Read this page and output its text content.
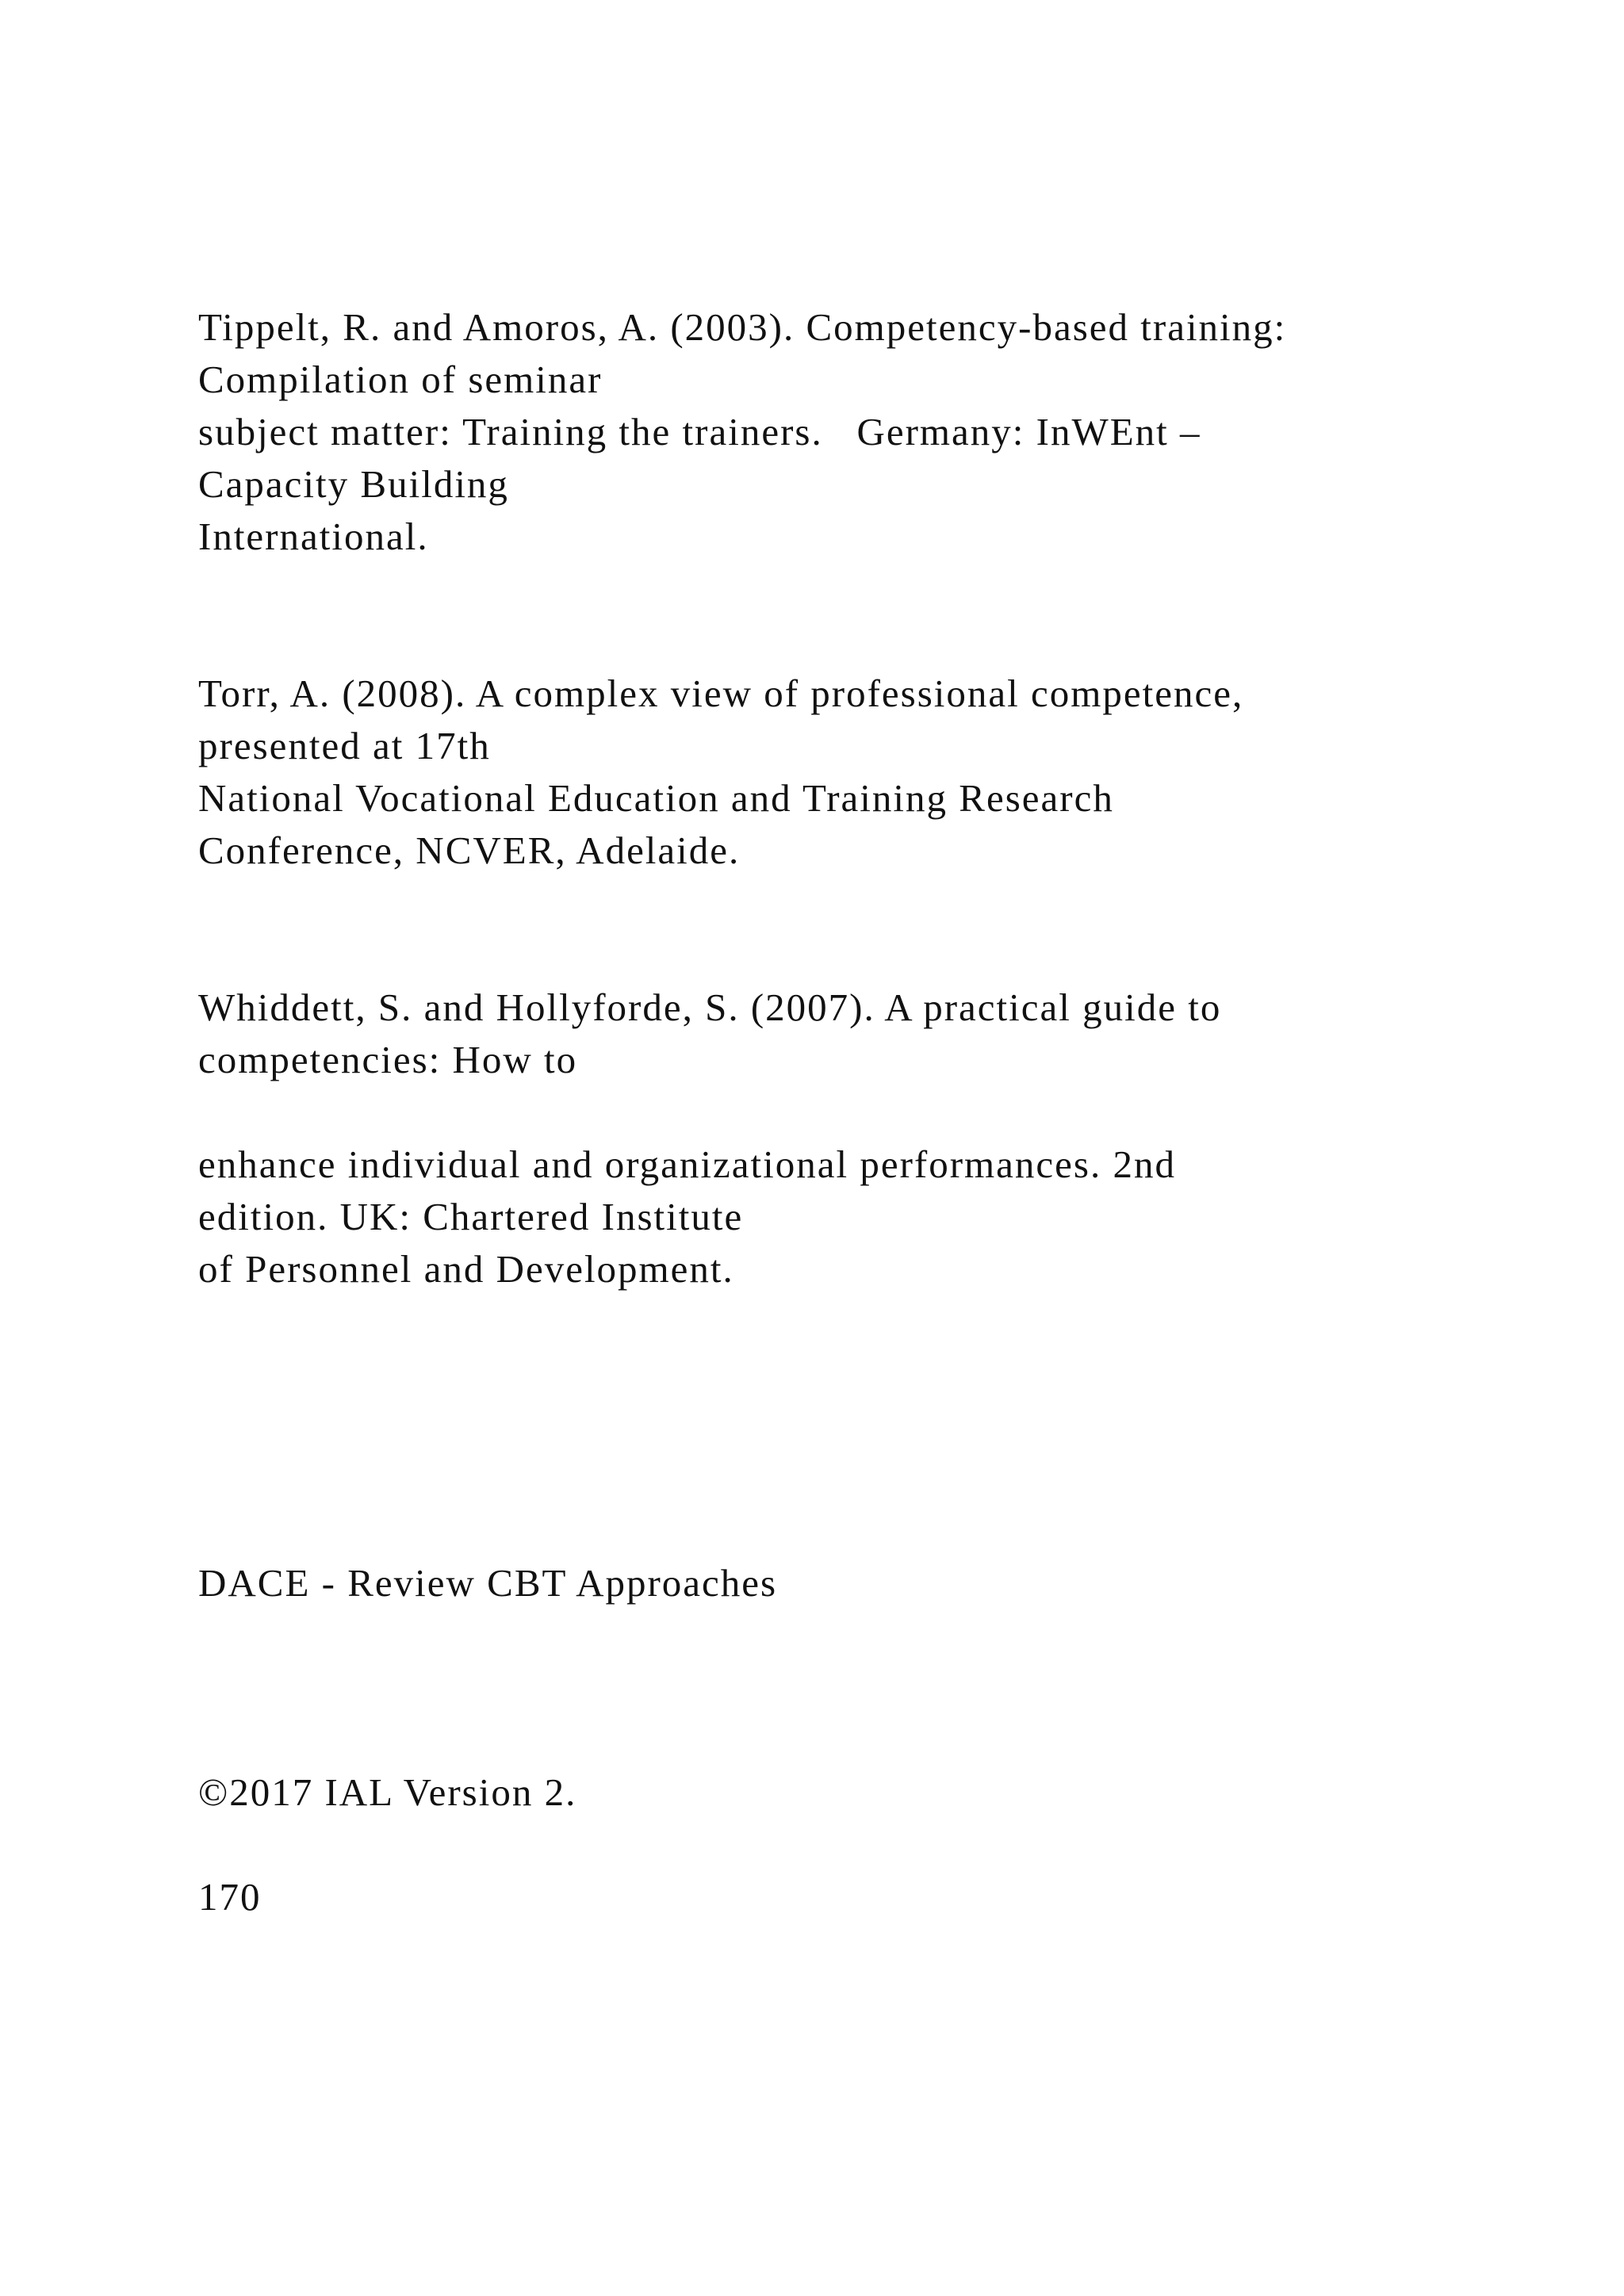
Tippelt, R. and Amoros, A. (2003). Competency-based training:
Compilation of seminar
subject matter: Training the trainers.   Germany: InWEnt –
Capacity Building
International.
Torr, A. (2008). A complex view of professional competence,
presented at 17th
National Vocational Education and Training Research
Conference, NCVER, Adelaide.
Whiddett, S. and Hollyforde, S. (2007). A practical guide to
competencies: How to
enhance individual and organizational performances. 2nd
edition. UK: Chartered Institute
of Personnel and Development.
DACE - Review CBT Approaches
©2017 IAL Version 2.
170
